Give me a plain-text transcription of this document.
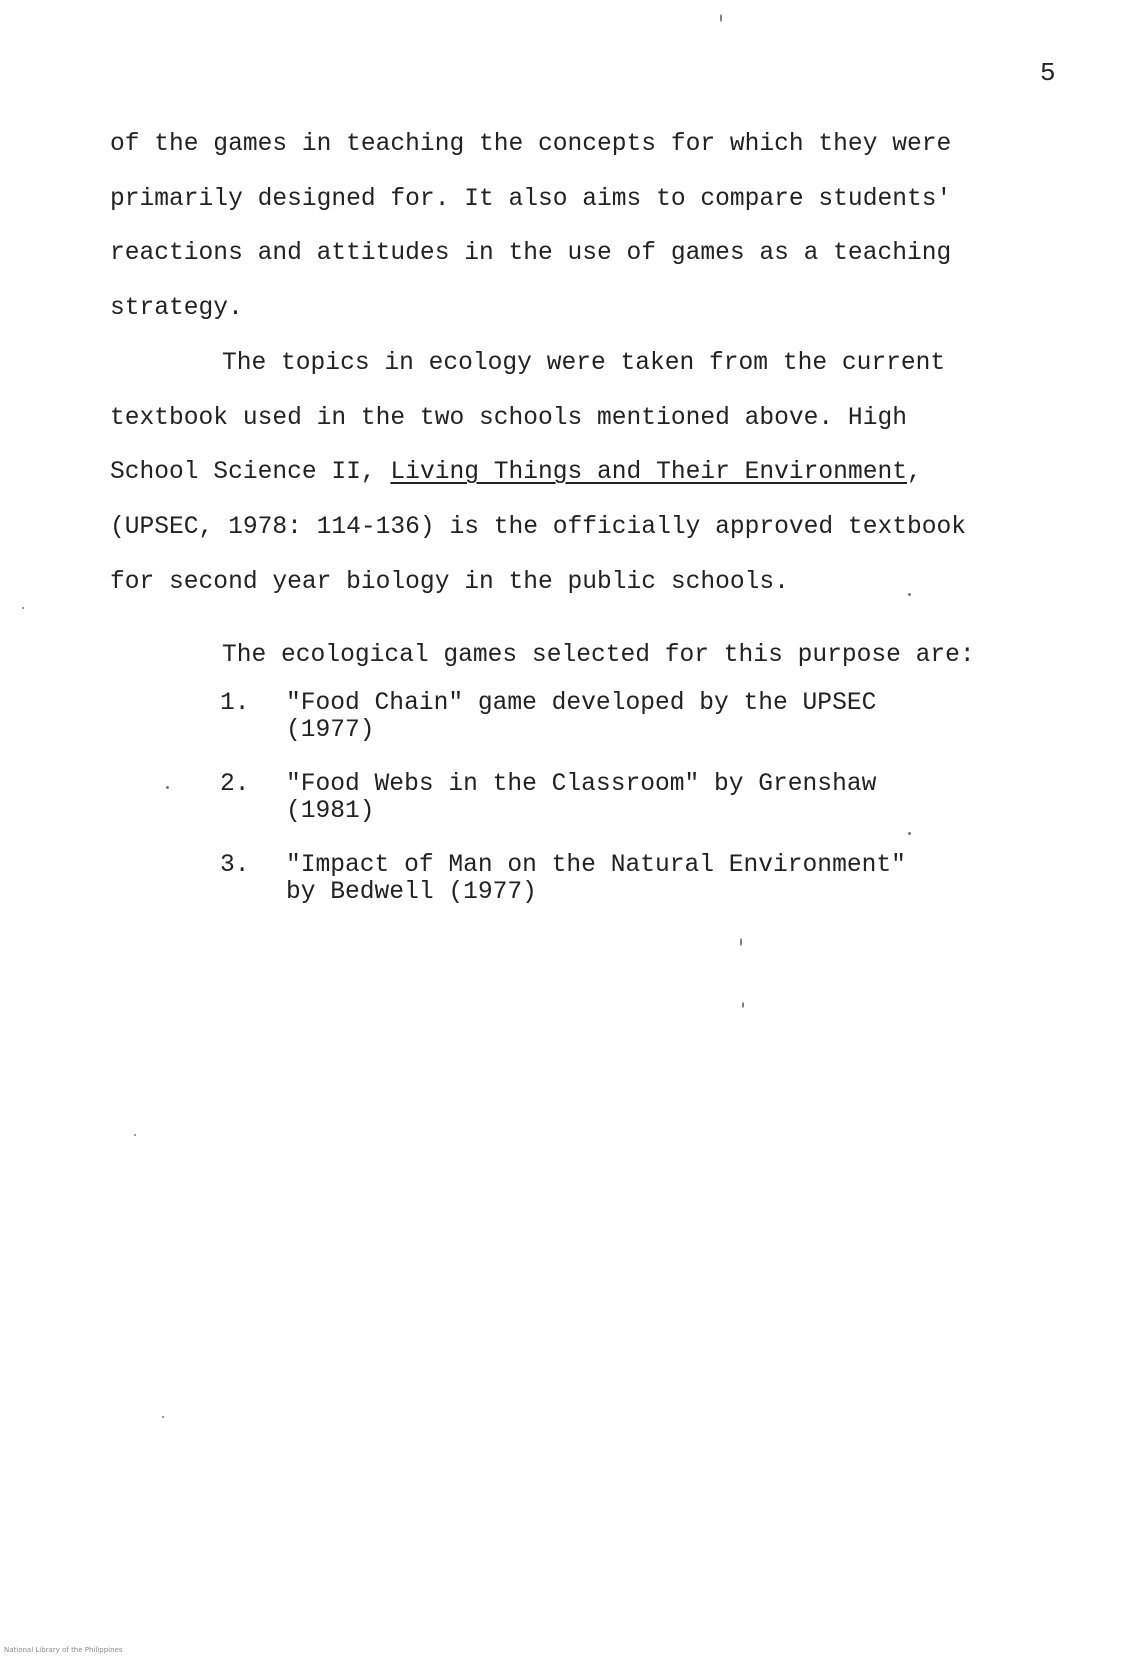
5
of the games in teaching the concepts for which they were
primarily designed for. It also aims to compare students'
reactions and attitudes in the use of games as a teaching
strategy.
The topics in ecology were taken from the current
textbook used in the two schools mentioned above. High
School Science II, Living Things and Their Environment,
(UPSEC, 1978: 114-136) is the officially approved textbook
for second year biology in the public schools.
The ecological games selected for this purpose are:
1.	"Food Chain" game developed by the UPSEC
(1977)
2.	"Food Webs in the Classroom" by Grenshaw
(1981)
3.	"Impact of Man on the Natural Environment"
by Bedwell (1977)
National Library of the Philippines
